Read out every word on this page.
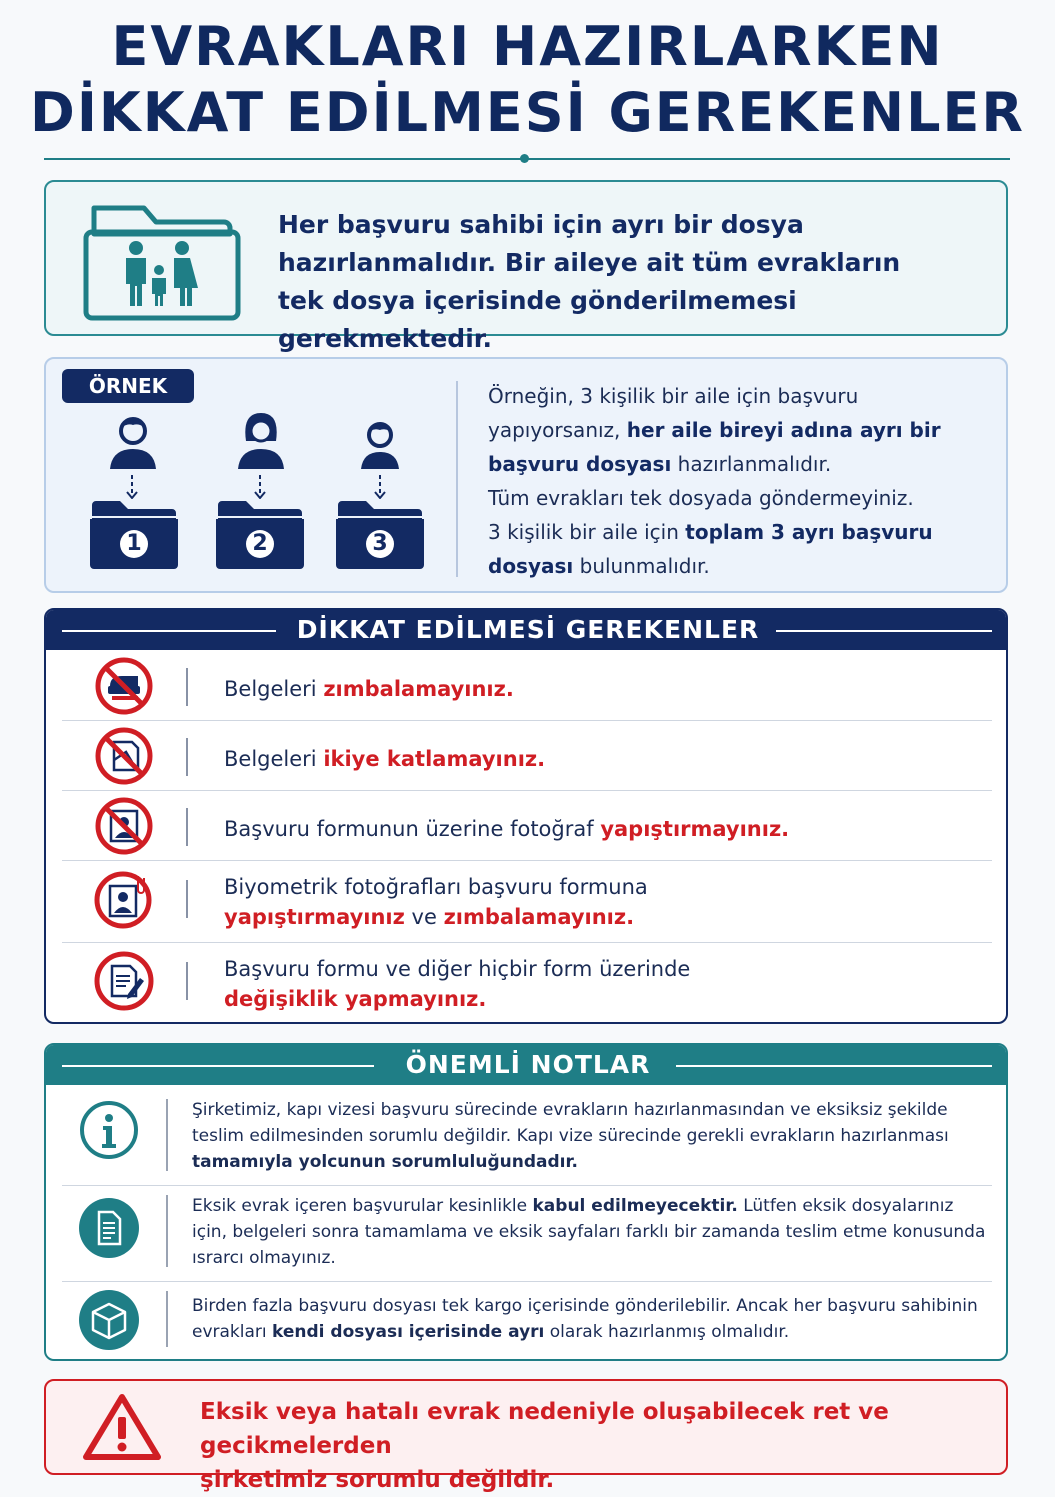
EVRAKLARI HAZIRLARKEN
DİKKAT EDİLMESİ GEREKENLER
Her başvuru sahibi için ayrı bir dosya
hazırlanmalıdır. Bir aileye ait tüm evrakların
tek dosya içerisinde gönderilmemesi gerekmektedir.
ÖRNEK
1	2	3
Örneğin, 3 kişilik bir aile için başvuru yapıyorsanız, her aile bireyi adına ayrı bir başvuru dosyası hazırlanmalıdır.
Tüm evrakları tek dosyada göndermeyiniz.
3 kişilik bir aile için toplam 3 ayrı başvuru dosyası bulunmalıdır.
DİKKAT EDİLMESİ GEREKENLER
Belgeleri zımbalamayınız.
Belgeleri ikiye katlamayınız.
Başvuru formunun üzerine fotoğraf yapıştırmayınız.
Biyometrik fotoğrafları başvuru formuna
yapıştırmayınız ve zımbalamayınız.
Başvuru formu ve diğer hiçbir form üzerinde
değişiklik yapmayınız.
ÖNEMLİ NOTLAR
Şirketimiz, kapı vizesi başvuru sürecinde evrakların hazırlanmasından ve eksiksiz şekilde teslim edilmesinden sorumlu değildir. Kapı vize sürecinde gerekli evrakların hazırlanması tamamıyla yolcunun sorumluluğundadır.
Eksik evrak içeren başvurular kesinlikle kabul edilmeyecektir. Lütfen eksik dosyalarınız için, belgeleri sonra tamamlama ve eksik sayfaları farklı bir zamanda teslim etme konusunda ısrarcı olmayınız.
Birden fazla başvuru dosyası tek kargo içerisinde gönderilebilir. Ancak her başvuru sahibinin evrakları kendi dosyası içerisinde ayrı olarak hazırlanmış olmalıdır.
Eksik veya hatalı evrak nedeniyle oluşabilecek ret ve gecikmelerden
şirketimiz sorumlu değildir.
